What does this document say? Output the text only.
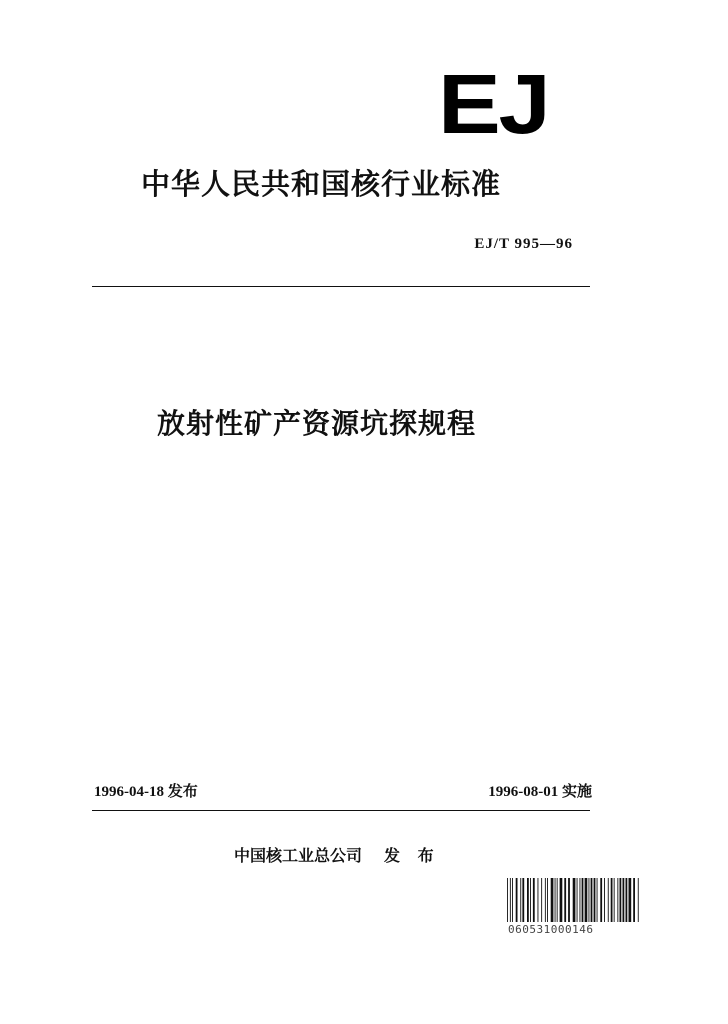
EJ
中华人民共和国核行业标准
EJ/T 995—96
放射性矿产资源坑探规程
1996-04-18 发布	1996-08-01 实施
中国核工业总公司 发 布
060531000146
